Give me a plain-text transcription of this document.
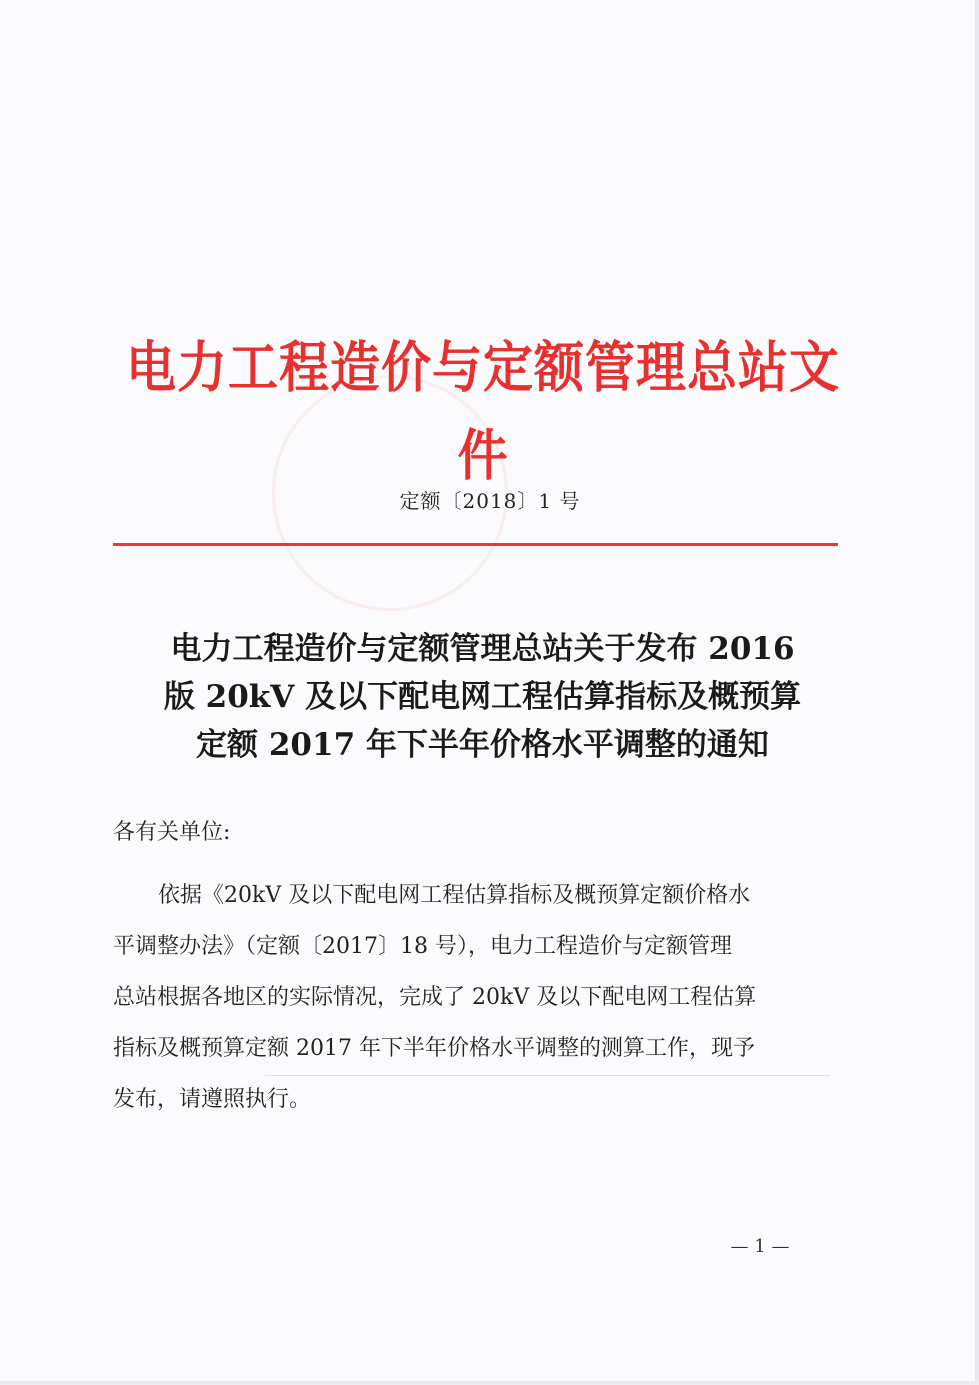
电力工程造价与定额管理总站文件
定额〔2018〕1 号
电力工程造价与定额管理总站关于发布 2016
版 20kV 及以下配电网工程估算指标及概预算
定额 2017 年下半年价格水平调整的通知
各有关单位:
依据《20kV 及以下配电网工程估算指标及概预算定额价格水
平调整办法》（定额〔2017〕18 号），电力工程造价与定额管理
总站根据各地区的实际情况，完成了 20kV 及以下配电网工程估算
指标及概预算定额 2017 年下半年价格水平调整的测算工作，现予
发布，请遵照执行。
— 1 —
